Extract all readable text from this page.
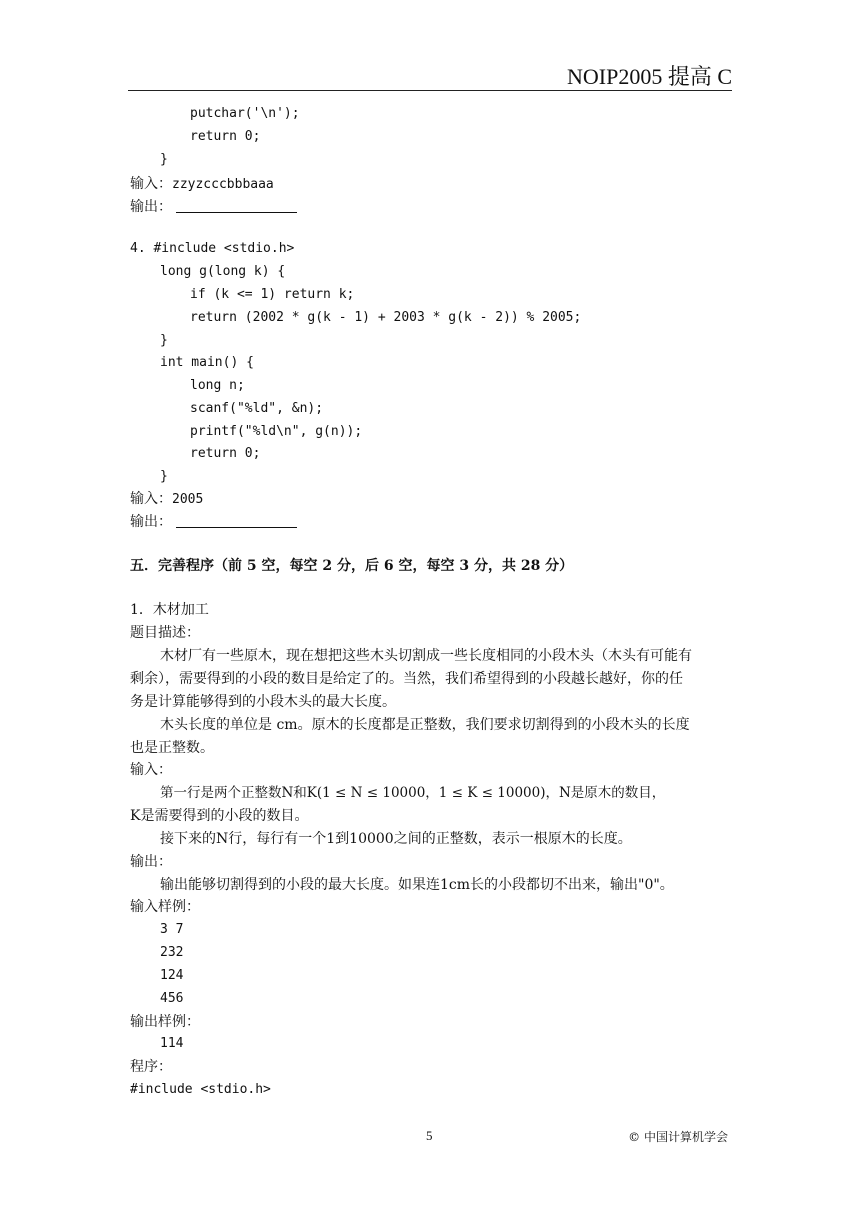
NOIP2005 提高 C
putchar('\n');
return 0;
}
输入：zzyzcccbbbaaa
输出：
4. #include <stdio.h>
long g(long k) {
if (k <= 1) return k;
return (2002 * g(k - 1) + 2003 * g(k - 2)) % 2005;
}
int main() {
long n;
scanf("%ld", &n);
printf("%ld\n", g(n));
return 0;
}
输入：2005
输出：
五．完善程序（前 5 空，每空 2 分，后 6 空，每空 3 分，共 28 分）
1．木材加工
题目描述：
木材厂有一些原木，现在想把这些木头切割成一些长度相同的小段木头（木头有可能有
剩余），需要得到的小段的数目是给定了的。当然，我们希望得到的小段越长越好，你的任
务是计算能够得到的小段木头的最大长度。
木头长度的单位是 cm。原木的长度都是正整数，我们要求切割得到的小段木头的长度
也是正整数。
输入：
第一行是两个正整数N和K(1 ≤ N ≤ 10000，1 ≤ K ≤ 10000)，N是原木的数目，
K是需要得到的小段的数目。
接下来的N行，每行有一个1到10000之间的正整数，表示一根原木的长度。
输出：
输出能够切割得到的小段的最大长度。如果连1cm长的小段都切不出来，输出"0"。
输入样例：
3 7
232
124
456
输出样例：
114
程序：
#include <stdio.h>
5	© 中国计算机学会
